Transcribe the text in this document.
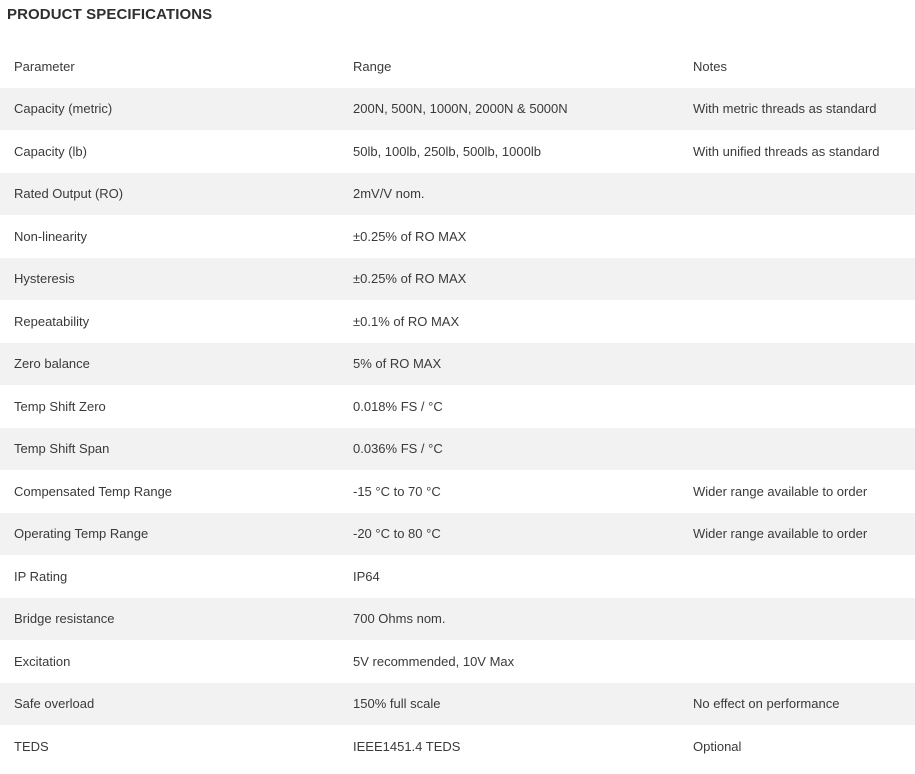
PRODUCT SPECIFICATIONS
Parameter	Range	Notes
Capacity (metric)	200N, 500N, 1000N, 2000N & 5000N	With metric threads as standard
Capacity (lb)	50lb, 100lb, 250lb, 500lb, 1000lb	With unified threads as standard
Rated Output (RO)	2mV/V nom.	
Non-linearity	±0.25% of RO MAX	
Hysteresis	±0.25% of RO MAX	
Repeatability	±0.1% of RO MAX	
Zero balance	5% of RO MAX	
Temp Shift Zero	0.018% FS / °C	
Temp Shift Span	0.036% FS / °C	
Compensated Temp Range	-15 °C to 70 °C	Wider range available to order
Operating Temp Range	-20 °C to 80 °C	Wider range available to order
IP Rating	IP64	
Bridge resistance	700 Ohms nom.	
Excitation	5V recommended, 10V Max	
Safe overload	150% full scale	No effect on performance
TEDS	IEEE1451.4 TEDS	Optional
